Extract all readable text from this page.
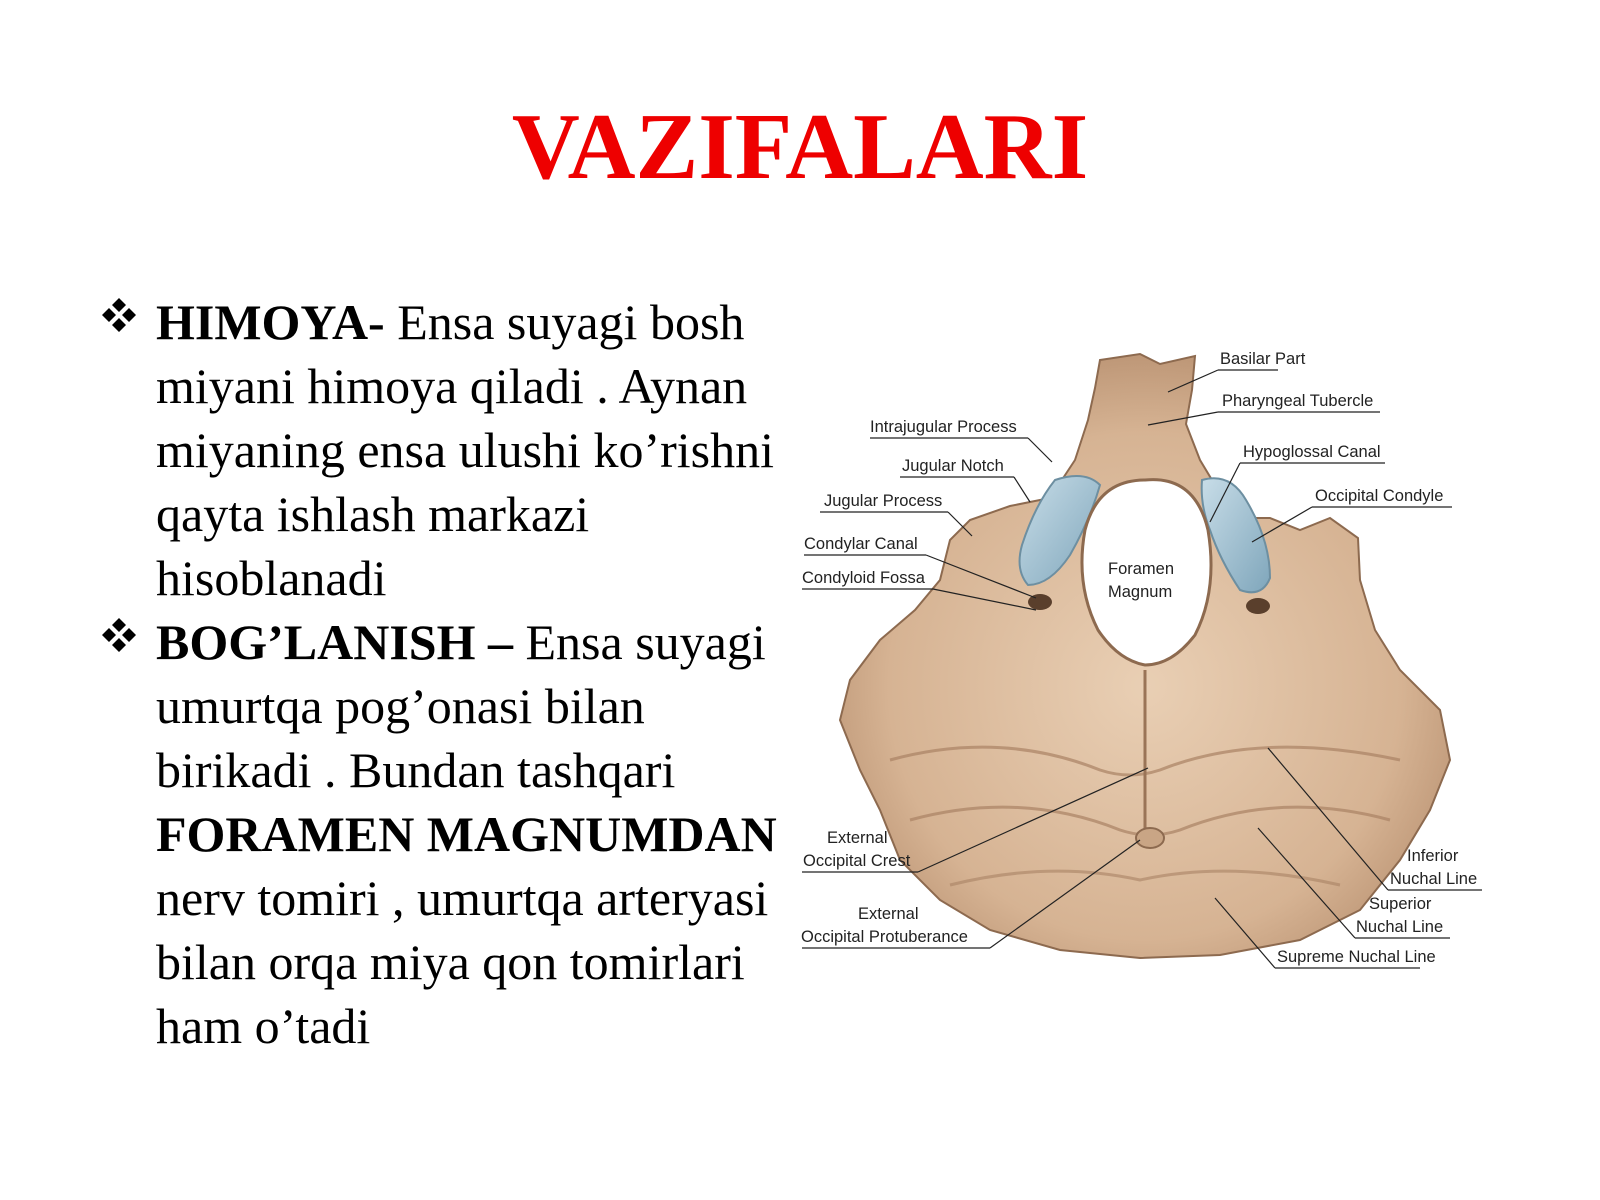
VAZIFALARI
HIMOYA- Ensa suyagi bosh miyani himoya qiladi . Aynan miyaning ensa ulushi ko’rishni qayta ishlash markazi hisoblanadi
BOG’LANISH – Ensa suyagi umurtqa pog’onasi bilan birikadi . Bundan tashqari FORAMEN MAGNUMDAN nerv tomiri , umurtqa arteryasi bilan orqa miya qon tomirlari ham o’tadi
Basilar Part
Pharyngeal Tubercle
Intrajugular Process
Hypoglossal Canal
Jugular Notch
Occipital Condyle
Jugular Process
Condylar Canal
Condyloid Fossa	Foramen
Magnum
External
Occipital Crest
External
Occipital Protuberance
Inferior
Nuchal Line
Superior
Nuchal Line
Supreme Nuchal Line
